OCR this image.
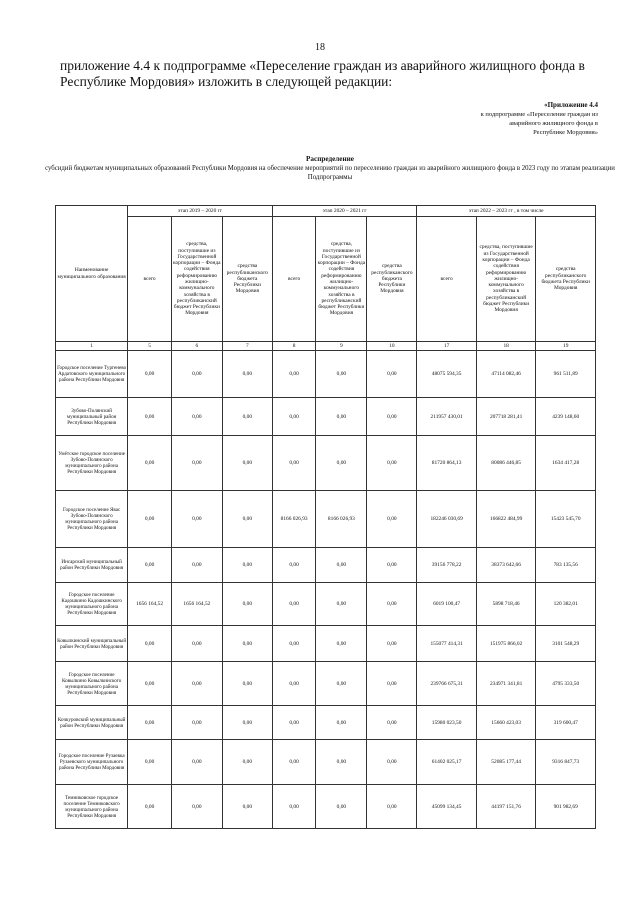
18
приложение 4.4 к подпрограмме «Переселение граждан из аварийного жилищного фонда в Республике Мордовия» изложить в следующей редакции:
«Приложение 4.4
к подпрограмме «Переселение граждан из
аварийного жилищного фонда в
Республике Мордовия»
Распределение
субсидий бюджетам муниципальных образований Республики Мордовия на обеспечение мероприятий по переселению граждан из аварийного жилищного фонда в 2023 году по этапам реализации Подпрограммы
Наименование муниципального образования	этап 2019 – 2020 гг			этап 2020 – 2021 гг			этап 2022 – 2023 гг , в том числе		
	всего	средства, поступившие из Государственной корпорации – Фонда содействия реформированию жилищно-коммунального хозяйства в республиканский бюджет Республики Мордовия	средства республиканского бюджета Республики Мордовия	всего	средства, поступившие из Государственной корпорации – Фонда содействия реформированию жилищно-коммунального хозяйства в республиканский бюджет Республики Мордовия	средства республиканского бюджета Республики Мордовия	всего	средства, поступившие из Государственной корпорации – Фонда содействия реформированию жилищно-коммунального хозяйства в республиканский бюджет Республики Мордовия	средства республиканского бюджета Республики Мордовия
1	5	6	7	8	9	10	17	18	19
Городское поселение Тургенево Ардатовского муниципального района Республики Мордовия	0,00	0,00	0,00	0,00	0,00	0,00	48075 594,35	47114 082,46	961 511,89
Зубово-Полянский муниципальный район Республики Мордовия	0,00	0,00	0,00	0,00	0,00	0,00	211957 430,01	207718 281,41	4239 148,60
Умётское городское поселение Зубово-Полянского муниципального района Республики Мордовия	0,00	0,00	0,00	0,00	0,00	0,00	81720 864,13	80086 446,85	1634 417,28
Городское поселение Явас Зубово-Полянского муниципального района Республики Мордовия	0,00	0,00	0,00	8166 026,93	8166 026,93	0,00	182246 030,69	166822 484,99	15423 545,70
Инсарский муниципальный район Республики Мордовия	0,00	0,00	0,00	0,00	0,00	0,00	39156 778,22	38373 642,66	783 135,56
Городское поселение Кадошкино Кадошкинского муниципального района Республики Мордовия	1656 164,52	1656 164,52	0,00	0,00	0,00	0,00	6019 100,47	5898 718,46	120 382,01
Ковылкинский муниципальный район Республики Мордовия	0,00	0,00	0,00	0,00	0,00	0,00	155077 414,31	151975 866,02	3101 548,29
Городское поселение Ковылкино Ковылкинского муниципального района Республики Мордовия	0,00	0,00	0,00	0,00	0,00	0,00	239766 675,31	234971 341,81	4795 333,50
Кочкуровский муниципальный район Республики Мордовия	0,00	0,00	0,00	0,00	0,00	0,00	15980 023,50	15660 423,03	319 600,47
Городское поселение Рузаевка Рузаевского муниципального района Республики Мордовия	0,00	0,00	0,00	0,00	0,00	0,00	61402 025,17	52085 177,44	9316 847,73
Темниковское городское поселение Темниковского муниципального района Республики Мордовия	0,00	0,00	0,00	0,00	0,00	0,00	45099 134,45	44197 151,76	901 982,69
